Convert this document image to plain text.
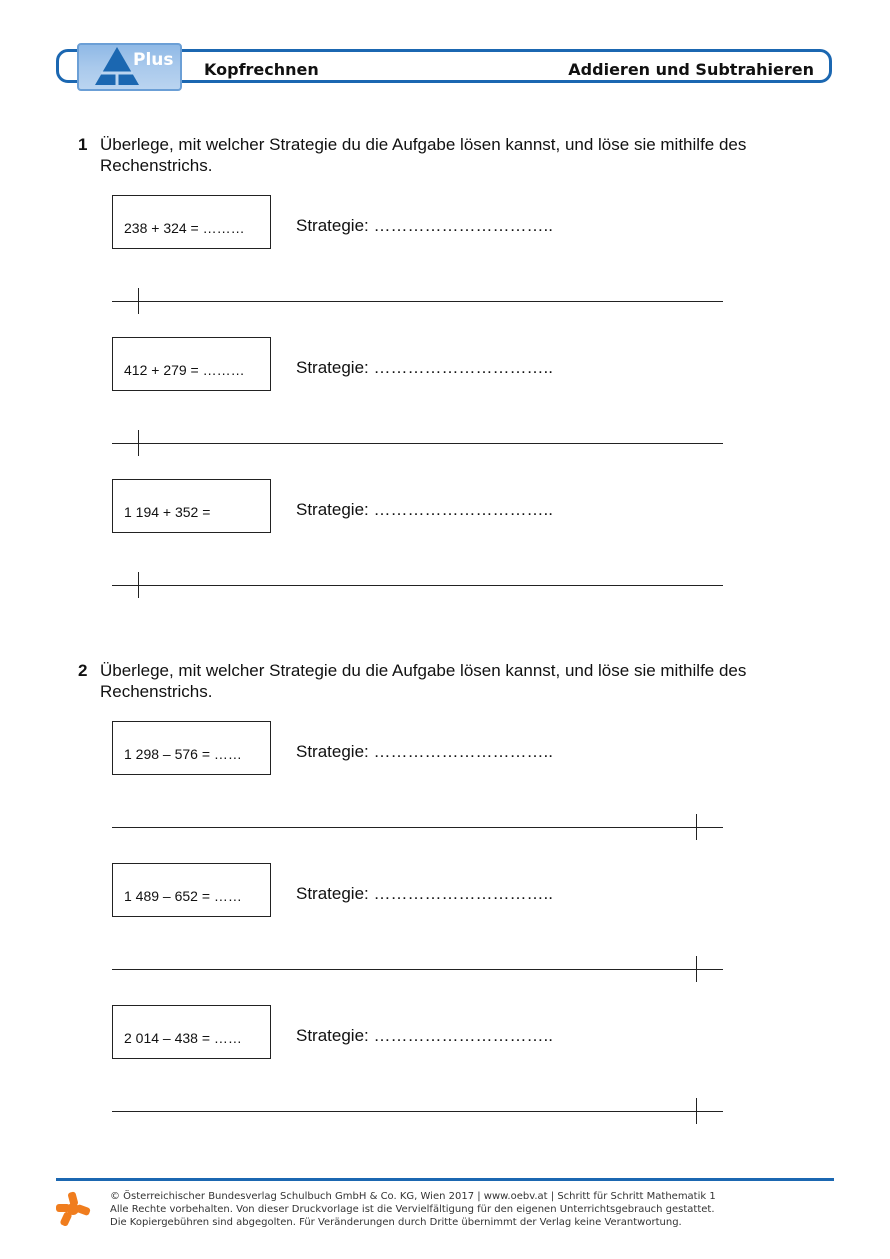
Plus Kopfrechnen	Addieren und Subtrahieren
1 Überlege, mit welcher Strategie du die Aufgabe lösen kannst, und löse sie mithilfe des Rechenstrichs.
238 + 324 = ………	Strategie: …………………………..
412 + 279 = ………	Strategie: …………………………..
1 194 + 352 =	Strategie: …………………………..
2 Überlege, mit welcher Strategie du die Aufgabe lösen kannst, und löse sie mithilfe des Rechenstrichs.
1 298 – 576 = ……	Strategie: …………………………..
1 489 – 652 = ……	Strategie: …………………………..
2 014 – 438 = ……	Strategie: …………………………..
© Österreichischer Bundesverlag Schulbuch GmbH & Co. KG, Wien 2017 | www.oebv.at | Schritt für Schritt Mathematik 1
Alle Rechte vorbehalten. Von dieser Druckvorlage ist die Vervielfältigung für den eigenen Unterrichtsgebrauch gestattet.
Die Kopiergebühren sind abgegolten. Für Veränderungen durch Dritte übernimmt der Verlag keine Verantwortung.
